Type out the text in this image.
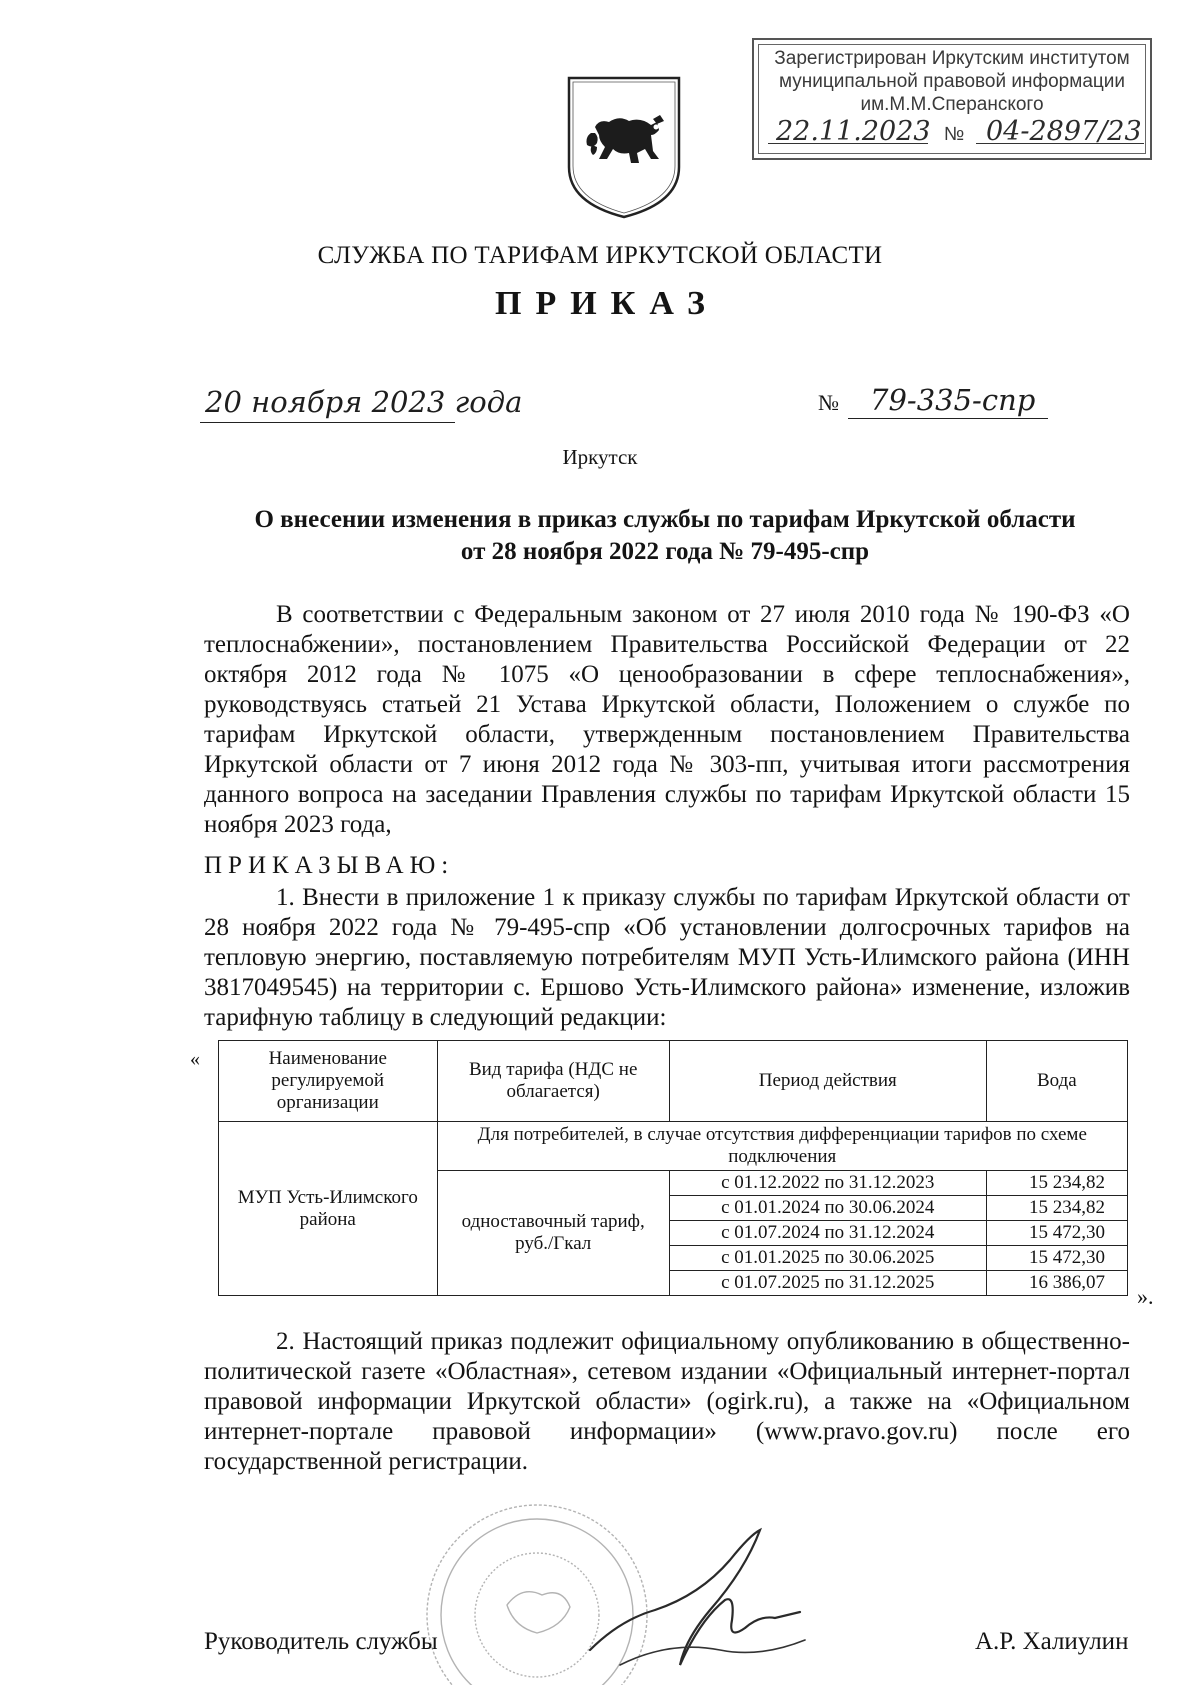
Зарегистрирован Иркутским институтом
муниципальной правовой информации
им.М.М.Сперанского
22.11.2023 № 04-2897/23
СЛУЖБА ПО ТАРИФАМ ИРКУТСКОЙ ОБЛАСТИ
ПРИКАЗ
20 ноября 2023 года	№ 79-335-спр
Иркутск
О внесении изменения в приказ службы по тарифам Иркутской области
от 28 ноября 2022 года № 79-495-спр
В соответствии с Федеральным законом от 27 июля 2010 года № 190-ФЗ «О теплоснабжении», постановлением Правительства Российской Федерации от 22 октября 2012 года № 1075 «О ценообразовании в сфере теплоснабжения», руководствуясь статьей 21 Устава Иркутской области, Положением о службе по тарифам Иркутской области, утвержденным постановлением Правительства Иркутской области от 7 июня 2012 года № 303-пп, учитывая итоги рассмотрения данного вопроса на заседании Правления службы по тарифам Иркутской области 15 ноября 2023 года,
ПРИКАЗЫВАЮ:
1. Внести в приложение 1 к приказу службы по тарифам Иркутской области от 28 ноября 2022 года № 79-495-спр «Об установлении долгосрочных тарифов на тепловую энергию, поставляемую потребителям МУП Усть-Илимского района (ИНН 3817049545) на территории с. Ершово Усть-Илимского района» изменение, изложив тарифную таблицу в следующий редакции:
«	Наименование регулируемой организации	Вид тарифа (НДС не облагается)	Период действия	Вода
МУП Усть-Илимского района	Для потребителей, в случае отсутствия дифференциации тарифов по схеме подключения		
	одноставочный тариф, руб./Гкал	с 01.12.2022 по 31.12.2023	15 234,82
		с 01.01.2024 по 30.06.2024	15 234,82
		с 01.07.2024 по 31.12.2024	15 472,30
		с 01.01.2025 по 30.06.2025	15 472,30
		с 01.07.2025 по 31.12.2025	16 386,07
».
2. Настоящий приказ подлежит официальному опубликованию в общественно-политической газете «Областная», сетевом издании «Официальный интернет-портал правовой информации Иркутской области» (ogirk.ru), а также на «Официальном интернет-портале правовой информации» (www.pravo.gov.ru) после его государственной регистрации.
Руководитель службы	А.Р. Халиулин
